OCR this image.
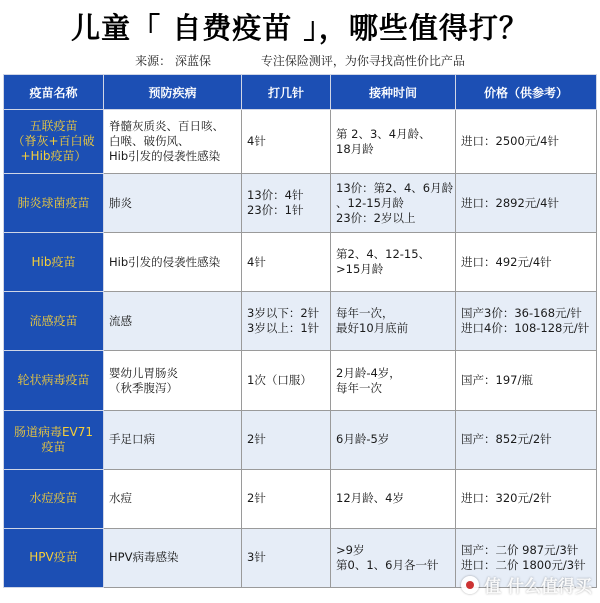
儿童「 自费疫苗 」，哪些值得打？
来源： 深蓝保	专注保险测评，为你寻找高性价比产品
疫苗名称	预防疾病	打几针	接种时间	价格（供参考）

五联疫苗
（脊灰+百白破
+Hib疫苗）	脊髓灰质炎、百日咳、
白喉、破伤风、
Hib引发的侵袭性感染	4针	第 2、3、4月龄、
18月龄	进口：2500元/4针

肺炎球菌疫苗	肺炎	13价：4针
23价：1针	13价：第2、4、6月龄
、12-15月龄
23价：2岁以上	进口：2892元/4针

Hib疫苗	Hib引发的侵袭性感染	4针	第2、4、12-15、
>15月龄	进口：492元/4针

流感疫苗	流感	3岁以下：2针
3岁以上：1针	每年一次，
最好10月底前	国产3价：36-168元/针
进口4价：108-128元/针

轮状病毒疫苗	婴幼儿胃肠炎
（秋季腹泻）	1次（口服）	2月龄-4岁，
每年一次	国产：197/瓶

肠道病毒EV71
疫苗	手足口病	2针	6月龄-5岁	国产：852元/2针

水痘疫苗	水痘	2针	12月龄、4岁	进口：320元/2针

HPV疫苗	HPV病毒感染	3针	>9岁
第0、1、6月各一针	国产：二价 987元/3针
进口：二价 1800元/3针
值 什么值得买
